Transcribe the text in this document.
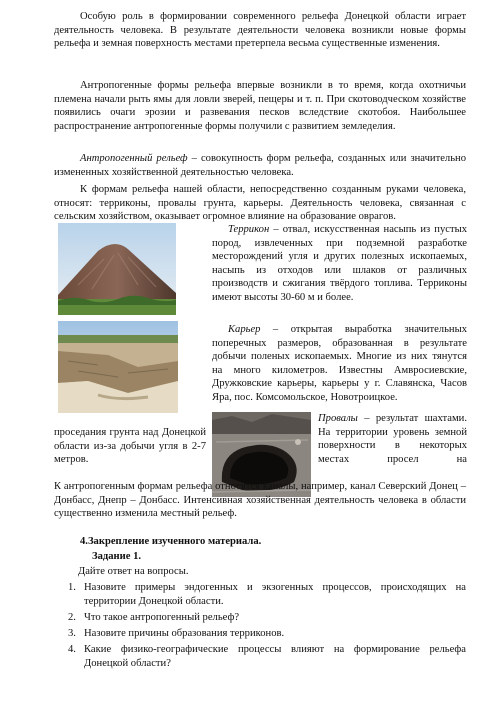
Особую роль в формировании современного рельефа Донецкой области играет деятельность человека. В результате деятельности человека возникли новые формы рельефа и земная поверхность местами претерпела весьма существенные изменения.
Антропогенные формы рельефа впервые возникли в то время, когда охотничьи племена начали рыть ямы для ловли зверей, пещеры и т. п. При скотоводческом хозяйстве появились очаги эрозии и развевания песков вследствие скотобоя. Наибольшее распространение антропогенные формы получили с развитием земледелия.
Антропогенный рельеф – совокупность форм рельефа, созданных или значительно измененных хозяйственной деятельностью человека.
К формам рельефа нашей области, непосредственно созданным руками человека, относят: терриконы, провалы грунта, карьеры. Деятельность человека, связанная с сельским хозяйством, оказывает огромное влияние на образование оврагов.
Террикон – отвал, искусственная насыпь из пустых пород, извлеченных при подземной разработке месторождений угля и других полезных ископаемых, насыпь из отходов или шлаков от различных производств и сжигания твёрдого топлива. Терриконы имеют высоты 30-60 м и более.
Карьер – открытая выработка значительных поперечных размеров, образованная в результате добычи поленых ископаемых. Многие из них тянутся на много километров. Известны Амвросиевские, Дружковские карьеры, карьеры у г. Славянска, Часов Яра, пос. Комсомольское, Новотроицкое.
Провалы – результат шахтами. На территории уровень земной поверхности в некоторых местах просел на
проседания грунта над Донецкой области из-за добычи угля в 2-7 метров.
К антропогенным формам рельефа относятся каналы, например, канал Северский Донец – Донбасс, Днепр – Донбасс. Интенсивная хозяйственная деятельность человека в области существенно изменила местный рельеф.
4.Закрепление изученного материала.
Задание 1.
Дайте ответ на вопросы.
1. Назовите примеры эндогенных и экзогенных процессов, происходящих на территории Донецкой области.
2. Что такое антропогенный рельеф?
3. Назовите причины образования терриконов.
4. Какие физико-географические процессы влияют на формирование рельефа Донецкой области?
